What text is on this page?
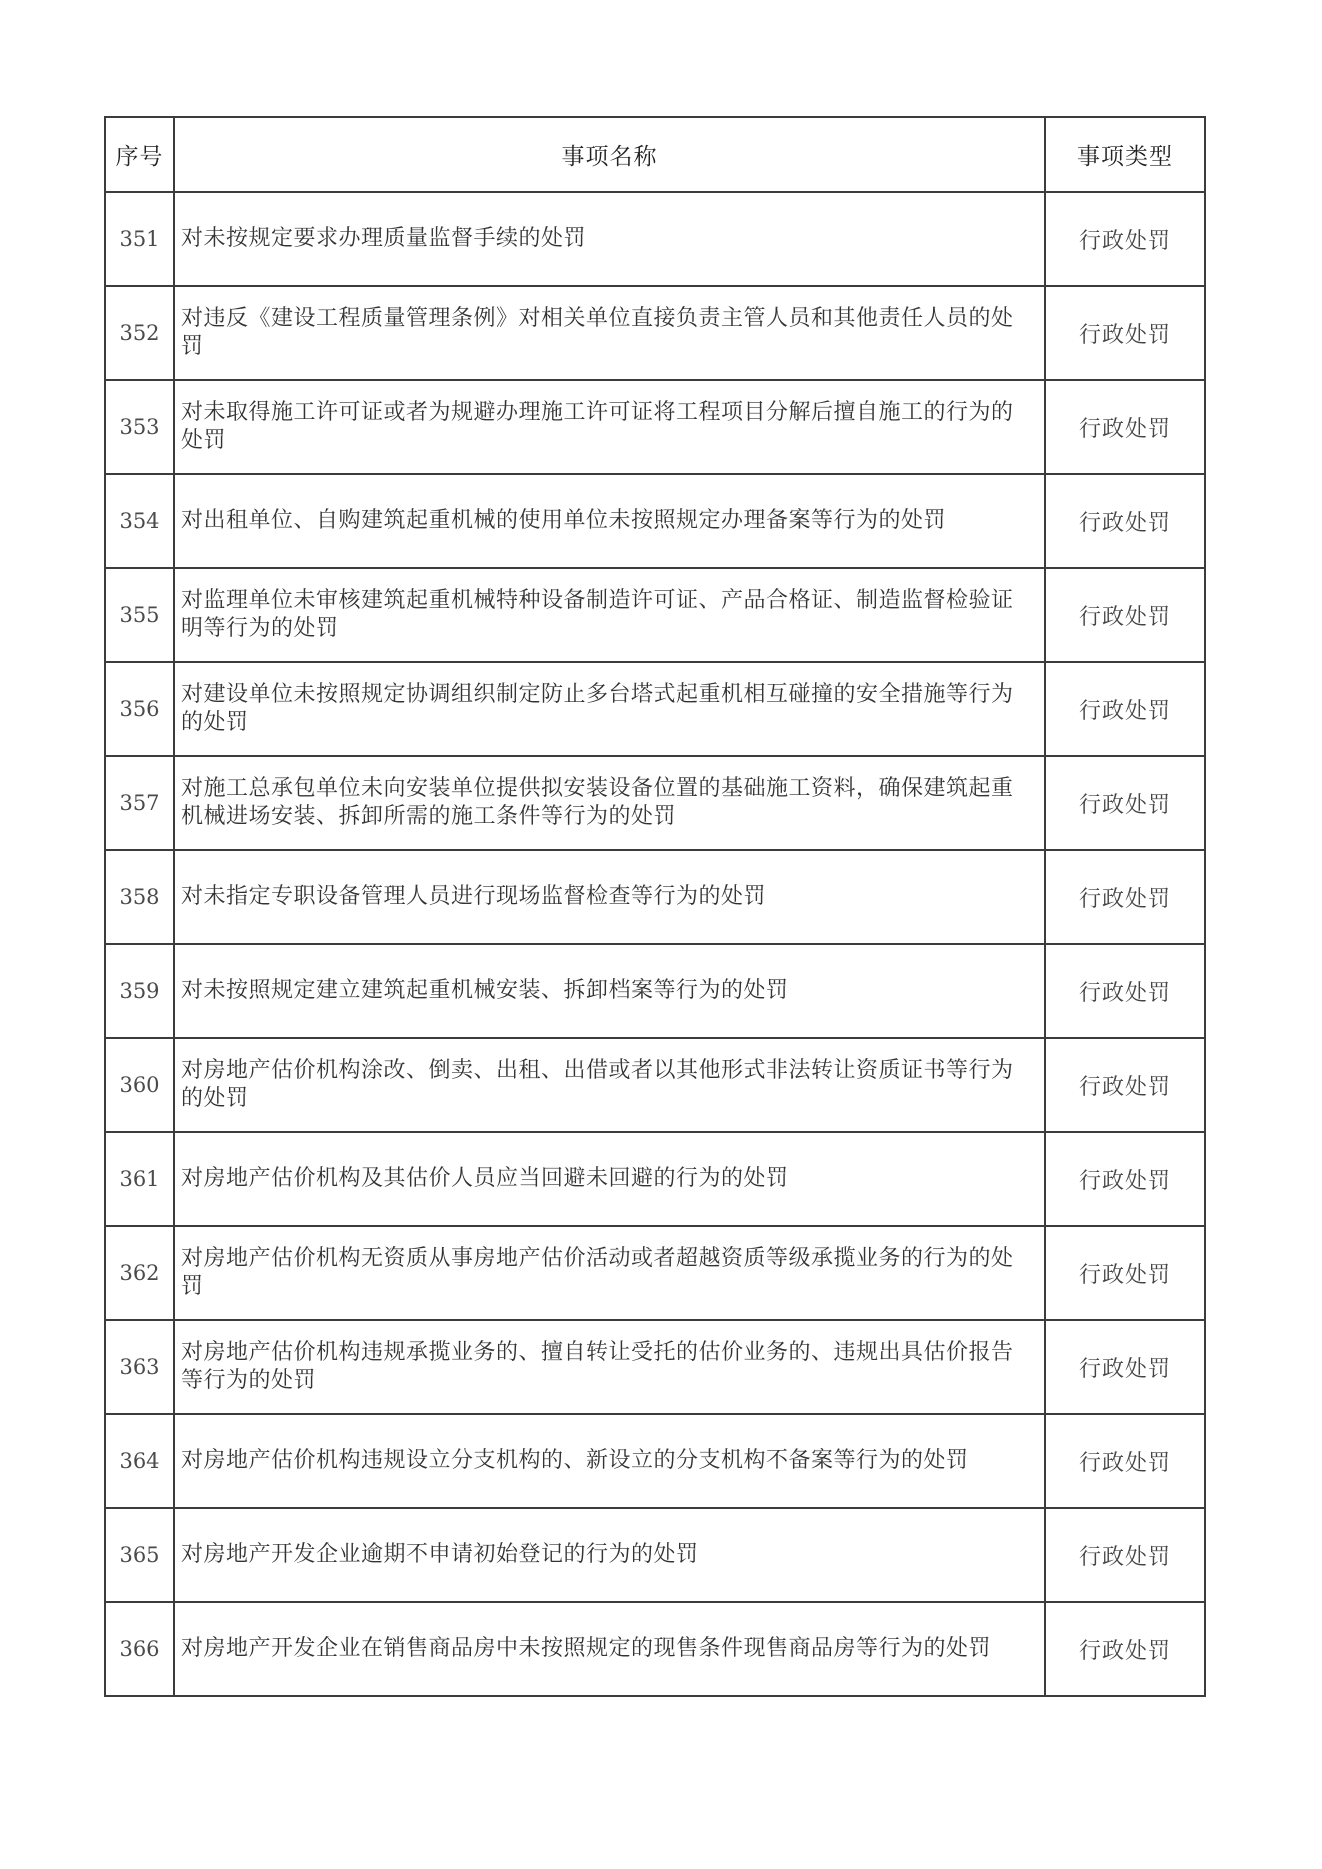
序号	事项名称	事项类型
351	对未按规定要求办理质量监督手续的处罚	行政处罚
352	对违反《建设工程质量管理条例》对相关单位直接负责主管人员和其他责任人员的处罚	行政处罚
353	对未取得施工许可证或者为规避办理施工许可证将工程项目分解后擅自施工的行为的处罚	行政处罚
354	对出租单位、自购建筑起重机械的使用单位未按照规定办理备案等行为的处罚	行政处罚
355	对监理单位未审核建筑起重机械特种设备制造许可证、产品合格证、制造监督检验证明等行为的处罚	行政处罚
356	对建设单位未按照规定协调组织制定防止多台塔式起重机相互碰撞的安全措施等行为的处罚	行政处罚
357	对施工总承包单位未向安装单位提供拟安装设备位置的基础施工资料，确保建筑起重机械进场安装、拆卸所需的施工条件等行为的处罚	行政处罚
358	对未指定专职设备管理人员进行现场监督检查等行为的处罚	行政处罚
359	对未按照规定建立建筑起重机械安装、拆卸档案等行为的处罚	行政处罚
360	对房地产估价机构涂改、倒卖、出租、出借或者以其他形式非法转让资质证书等行为的处罚	行政处罚
361	对房地产估价机构及其估价人员应当回避未回避的行为的处罚	行政处罚
362	对房地产估价机构无资质从事房地产估价活动或者超越资质等级承揽业务的行为的处罚	行政处罚
363	对房地产估价机构违规承揽业务的、擅自转让受托的估价业务的、违规出具估价报告等行为的处罚	行政处罚
364	对房地产估价机构违规设立分支机构的、新设立的分支机构不备案等行为的处罚	行政处罚
365	对房地产开发企业逾期不申请初始登记的行为的处罚	行政处罚
366	对房地产开发企业在销售商品房中未按照规定的现售条件现售商品房等行为的处罚	行政处罚
